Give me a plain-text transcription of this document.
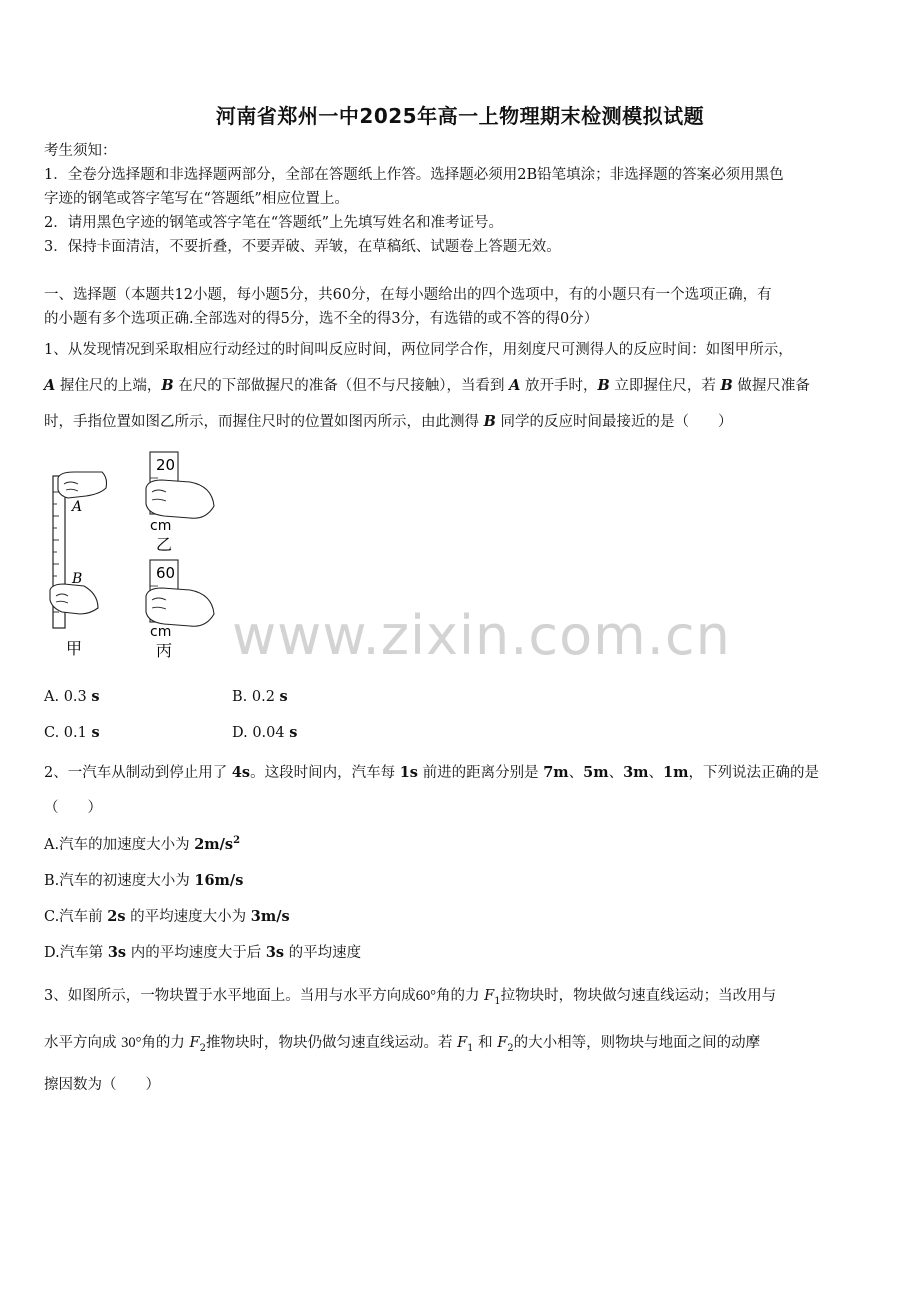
河南省郑州一中2025年高一上物理期末检测模拟试题
考生须知：
1．全卷分选择题和非选择题两部分，全部在答题纸上作答。选择题必须用2B铅笔填涂；非选择题的答案必须用黑色
字迹的钢笔或答字笔写在“答题纸”相应位置上。
2．请用黑色字迹的钢笔或答字笔在“答题纸”上先填写姓名和准考证号。
3．保持卡面清洁，不要折叠，不要弄破、弄皱，在草稿纸、试题卷上答题无效。
一、选择题（本题共12小题，每小题5分，共60分，在每小题给出的四个选项中，有的小题只有一个选项正确，有
的小题有多个选项正确.全部选对的得5分，选不全的得3分，有选错的或不答的得0分）
1、从发现情况到采取相应行动经过的时间叫反应时间，两位同学合作，用刻度尺可测得人的反应时间：如图甲所示，
A 握住尺的上端，B 在尺的下部做握尺的准备（但不与尺接触），当看到 A 放开手时，B 立即握住尺，若 B 做握尺准备
时，手指位置如图乙所示，而握住尺时的位置如图丙所示，由此测得 B 同学的反应时间最接近的是（　　）
A
B
甲
20
cm
乙
60
cm
丙 www.zixin.com.cn
A. 0.3 s	B. 0.2 s
C. 0.1 s	D. 0.04 s
2、一汽车从制动到停止用了 4s。这段时间内，汽车每 1s 前进的距离分别是 7m、5m、3m、1m，下列说法正确的是
（　　）
A.汽车的加速度大小为 $2m/s^2$
B.汽车的初速度大小为 16m/s
C.汽车前 2s 的平均速度大小为 3m/s
D.汽车第 3s 内的平均速度大于后 3s 的平均速度
3、如图所示，一物块置于水平地面上。当用与水平方向成60°角的力 $F_1$拉物块时，物块做匀速直线运动；当改用与
水平方向成 30°角的力 $F_2$推物块时，物块仍做匀速直线运动。若 $F_1$ 和 $F_2$的大小相等，则物块与地面之间的动摩
擦因数为（　　）
